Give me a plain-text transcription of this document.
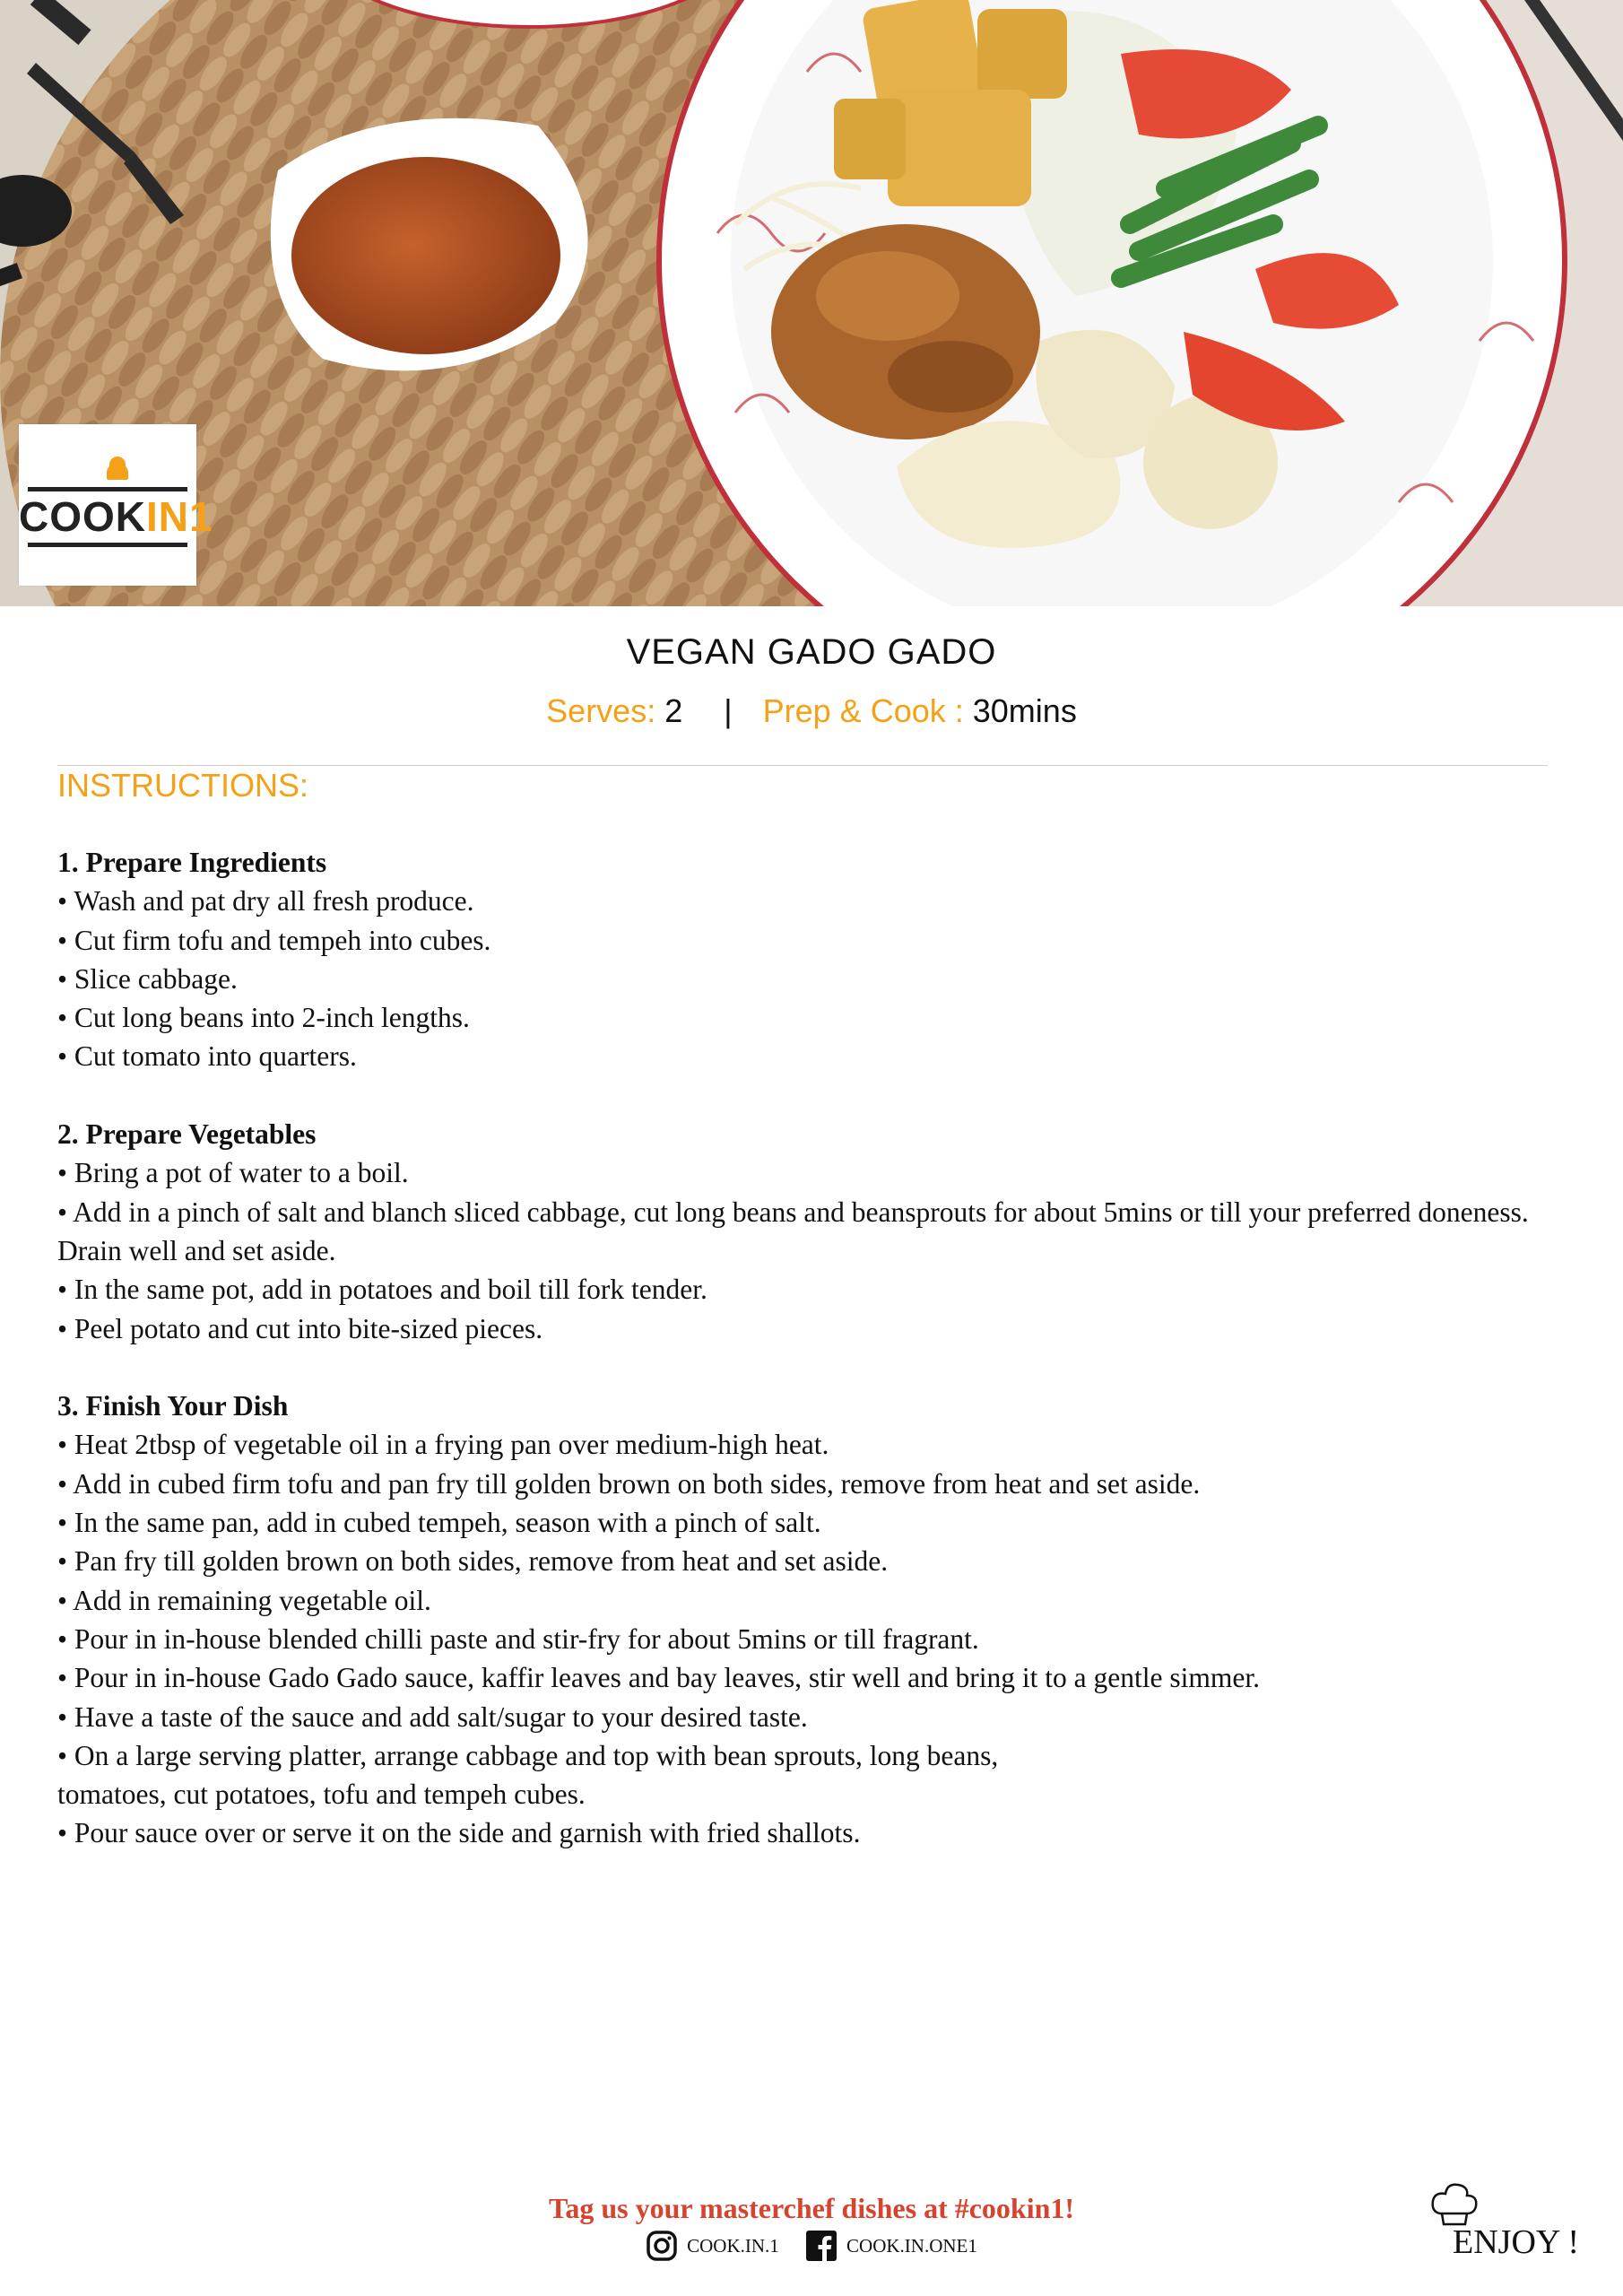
COOKIN1
VEGAN GADO GADO
Serves: 2 | Prep & Cook : 30mins
INSTRUCTIONS:
1. Prepare Ingredients

• Wash and pat dry all fresh produce.

• Cut firm tofu and tempeh into cubes.

• Slice cabbage.

• Cut long beans into 2-inch lengths.

• Cut tomato into quarters.

2. Prepare Vegetables

• Bring a pot of water to a boil.

• Add in a pinch of salt and blanch sliced cabbage, cut long beans and beansprouts for about 5mins or till your preferred doneness. Drain well and set aside.

• In the same pot, add in potatoes and boil till fork tender.

• Peel potato and cut into bite-sized pieces.

3. Finish Your Dish

• Heat 2tbsp of vegetable oil in a frying pan over medium-high heat.

• Add in cubed firm tofu and pan fry till golden brown on both sides, remove from heat and set aside.

• In the same pan, add in cubed tempeh, season with a pinch of salt.

• Pan fry till golden brown on both sides, remove from heat and set aside.

• Add in remaining vegetable oil.

• Pour in in-house blended chilli paste and stir-fry for about 5mins or till fragrant.

• Pour in in-house Gado Gado sauce, kaffir leaves and bay leaves, stir well and bring it to a gentle simmer.

• Have a taste of the sauce and add salt/sugar to your desired taste.

• On a large serving platter, arrange cabbage and top with bean sprouts, long beans,

tomatoes, cut potatoes, tofu and tempeh cubes.

• Pour sauce over or serve it on the side and garnish with fried shallots.

Tag us your masterchef dishes at #cookin1!
COOK.IN.1
	COOK.IN.ONE1	ENJOY !
